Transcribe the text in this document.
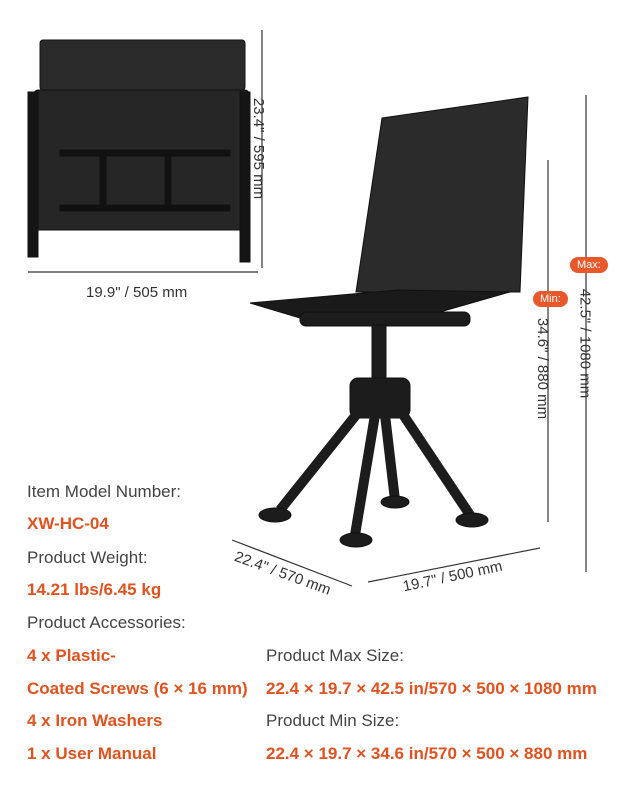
23.4" / 595 mm
19.9" / 505 mm
Max:
42.5" / 1080 mm
Min:
34.6" / 880 mm
22.4" / 570 mm	19.7" / 500 mm
Item Model Number:
XW-HC-04
Product Weight:
14.21 lbs/6.45 kg
Product Accessories:
4 x Plastic-
Coated Screws (6 × 16 mm)
4 x Iron Washers
1 x User Manual
Product Max Size:
22.4 × 19.7 × 42.5 in/570 × 500 × 1080 mm
Product Min Size:
22.4 × 19.7 × 34.6 in/570 × 500 × 880 mm
